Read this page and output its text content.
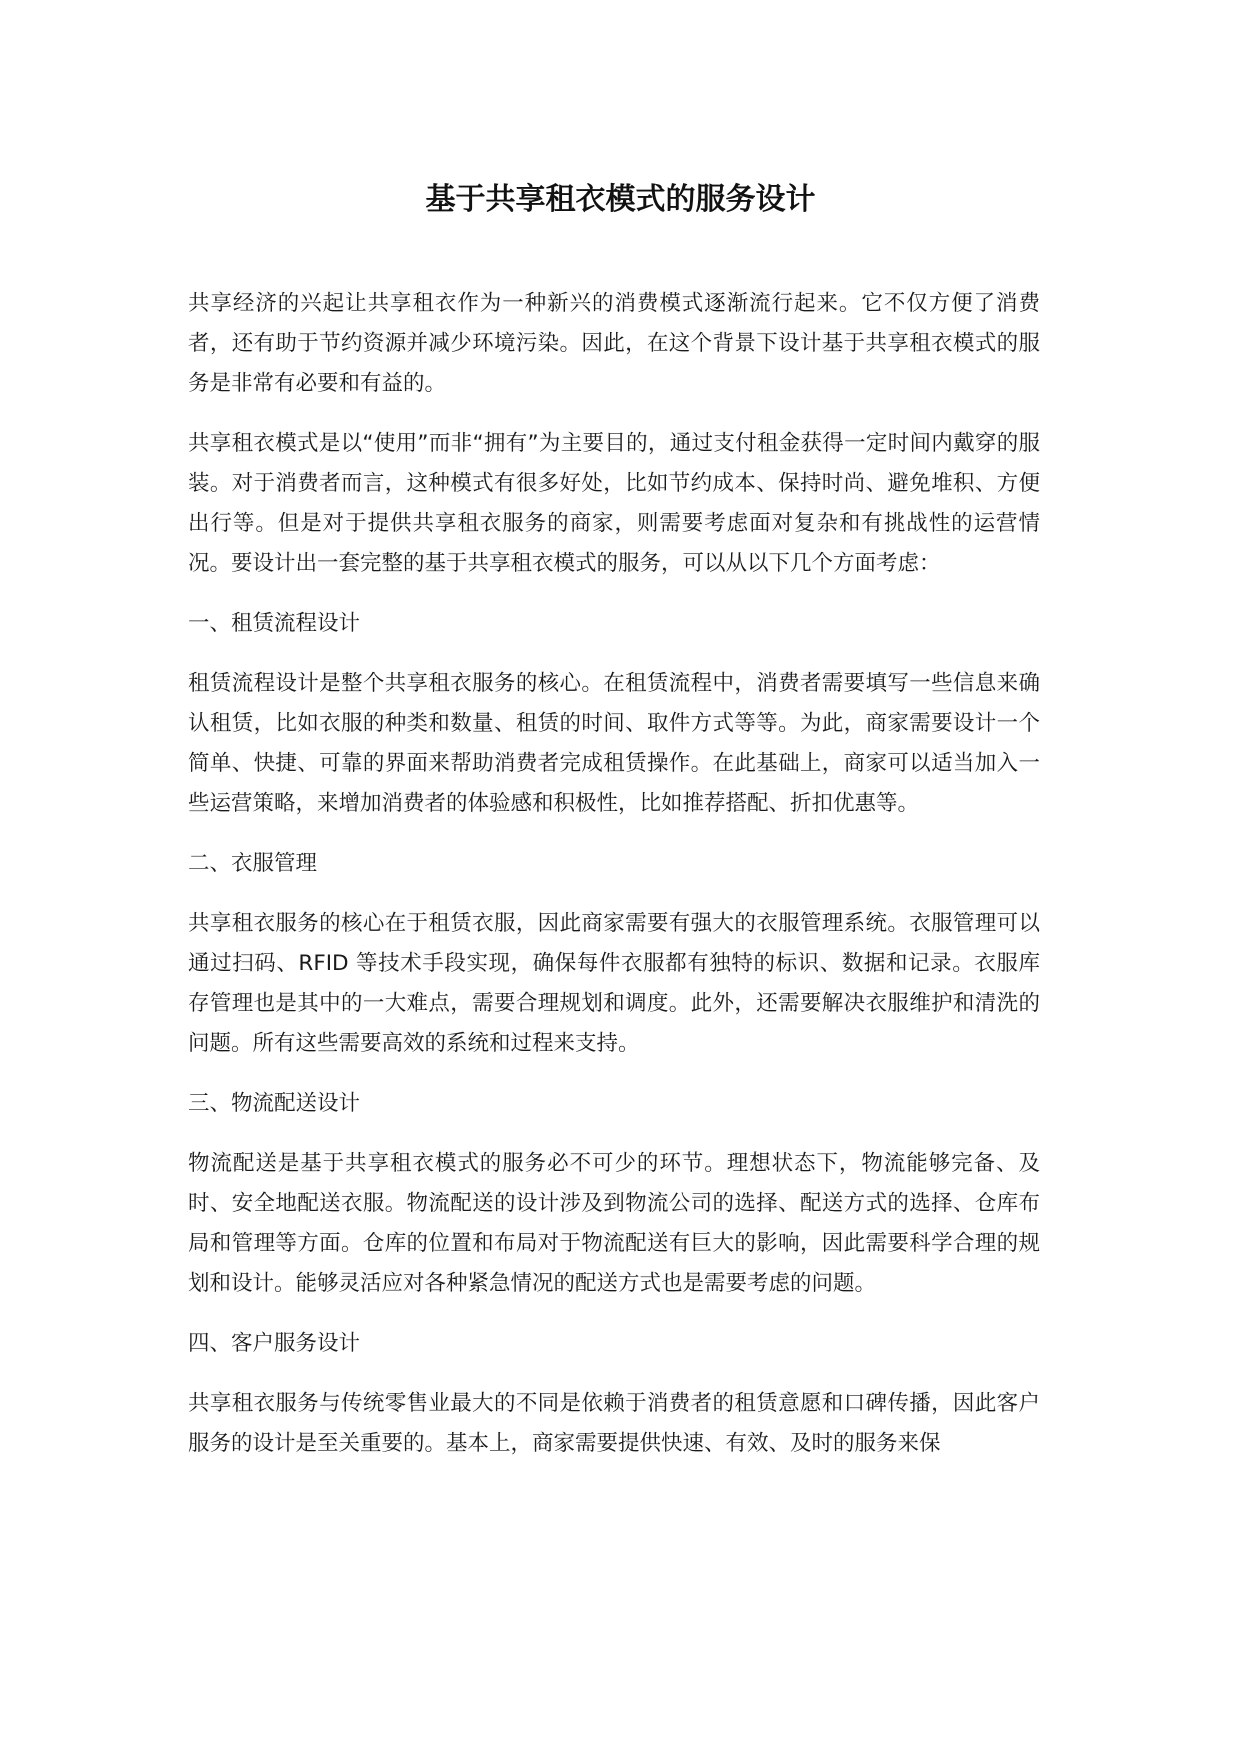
基于共享租衣模式的服务设计

共享经济的兴起让共享租衣作为一种新兴的消费模式逐渐流行起来。它不仅方便了消费者，还有助于节约资源并减少环境污染。因此，在这个背景下设计基于共享租衣模式的服务是非常有必要和有益的。

共享租衣模式是以“使用”而非“拥有”为主要目的，通过支付租金获得一定时间内戴穿的服装。对于消费者而言，这种模式有很多好处，比如节约成本、保持时尚、避免堆积、方便出行等。但是对于提供共享租衣服务的商家，则需要考虑面对复杂和有挑战性的运营情况。要设计出一套完整的基于共享租衣模式的服务，可以从以下几个方面考虑：

一、租赁流程设计

租赁流程设计是整个共享租衣服务的核心。在租赁流程中，消费者需要填写一些信息来确认租赁，比如衣服的种类和数量、租赁的时间、取件方式等等。为此，商家需要设计一个简单、快捷、可靠的界面来帮助消费者完成租赁操作。在此基础上，商家可以适当加入一些运营策略，来增加消费者的体验感和积极性，比如推荐搭配、折扣优惠等。

二、衣服管理

共享租衣服务的核心在于租赁衣服，因此商家需要有强大的衣服管理系统。衣服管理可以通过扫码、RFID 等技术手段实现，确保每件衣服都有独特的标识、数据和记录。衣服库存管理也是其中的一大难点，需要合理规划和调度。此外，还需要解决衣服维护和清洗的问题。所有这些需要高效的系统和过程来支持。

三、物流配送设计

物流配送是基于共享租衣模式的服务必不可少的环节。理想状态下，物流能够完备、及时、安全地配送衣服。物流配送的设计涉及到物流公司的选择、配送方式的选择、仓库布局和管理等方面。仓库的位置和布局对于物流配送有巨大的影响，因此需要科学合理的规划和设计。能够灵活应对各种紧急情况的配送方式也是需要考虑的问题。

四、客户服务设计

共享租衣服务与传统零售业最大的不同是依赖于消费者的租赁意愿和口碑传播，因此客户服务的设计是至关重要的。基本上，商家需要提供快速、有效、及时的服务来保
